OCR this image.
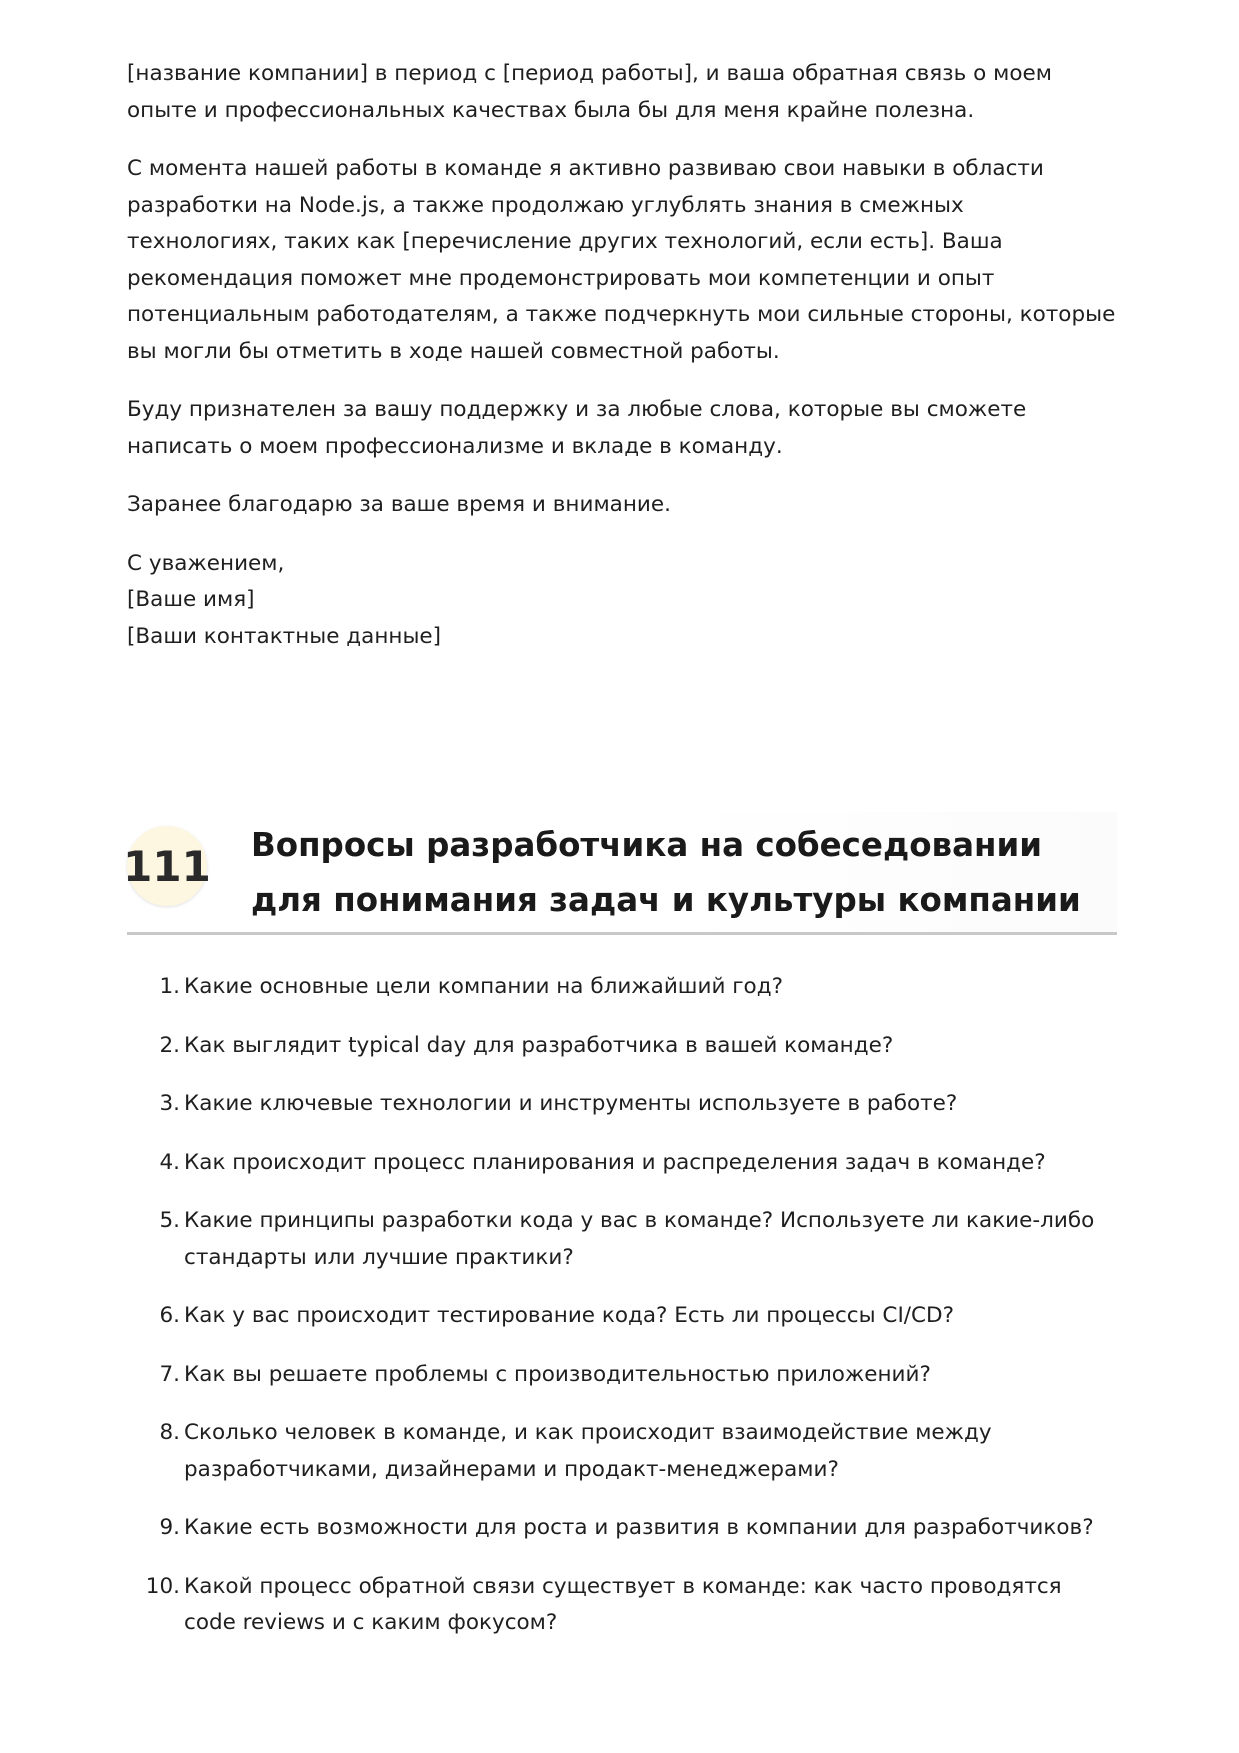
[название компании] в период с [период работы], и ваша обратная связь о моем опыте и профессиональных качествах была бы для меня крайне полезна.

С момента нашей работы в команде я активно развиваю свои навыки в области разработки на Node.js, а также продолжаю углублять знания в смежных технологиях, таких как [перечисление других технологий, если есть]. Ваша рекомендация поможет мне продемонстрировать мои компетенции и опыт потенциальным работодателям, а также подчеркнуть мои сильные стороны, которые вы могли бы отметить в ходе нашей совместной работы.

Буду признателен за вашу поддержку и за любые слова, которые вы сможете написать о моем профессионализме и вкладе в команду.

Заранее благодарю за ваше время и внимание.

С уважением,
[Ваше имя]
[Ваши контактные данные]
111 Вопросы разработчика на собеседовании для понимания задач и культуры компании
1. Какие основные цели компании на ближайший год?
2. Как выглядит typical day для разработчика в вашей команде?
3. Какие ключевые технологии и инструменты используете в работе?
4. Как происходит процесс планирования и распределения задач в команде?
5. Какие принципы разработки кода у вас в команде? Используете ли какие-либо стандарты или лучшие практики?
6. Как у вас происходит тестирование кода? Есть ли процессы CI/CD?
7. Как вы решаете проблемы с производительностью приложений?
8. Сколько человек в команде, и как происходит взаимодействие между разработчиками, дизайнерами и продакт-менеджерами?
9. Какие есть возможности для роста и развития в компании для разработчиков?
10. Какой процесс обратной связи существует в команде: как часто проводятся code reviews и с каким фокусом?
